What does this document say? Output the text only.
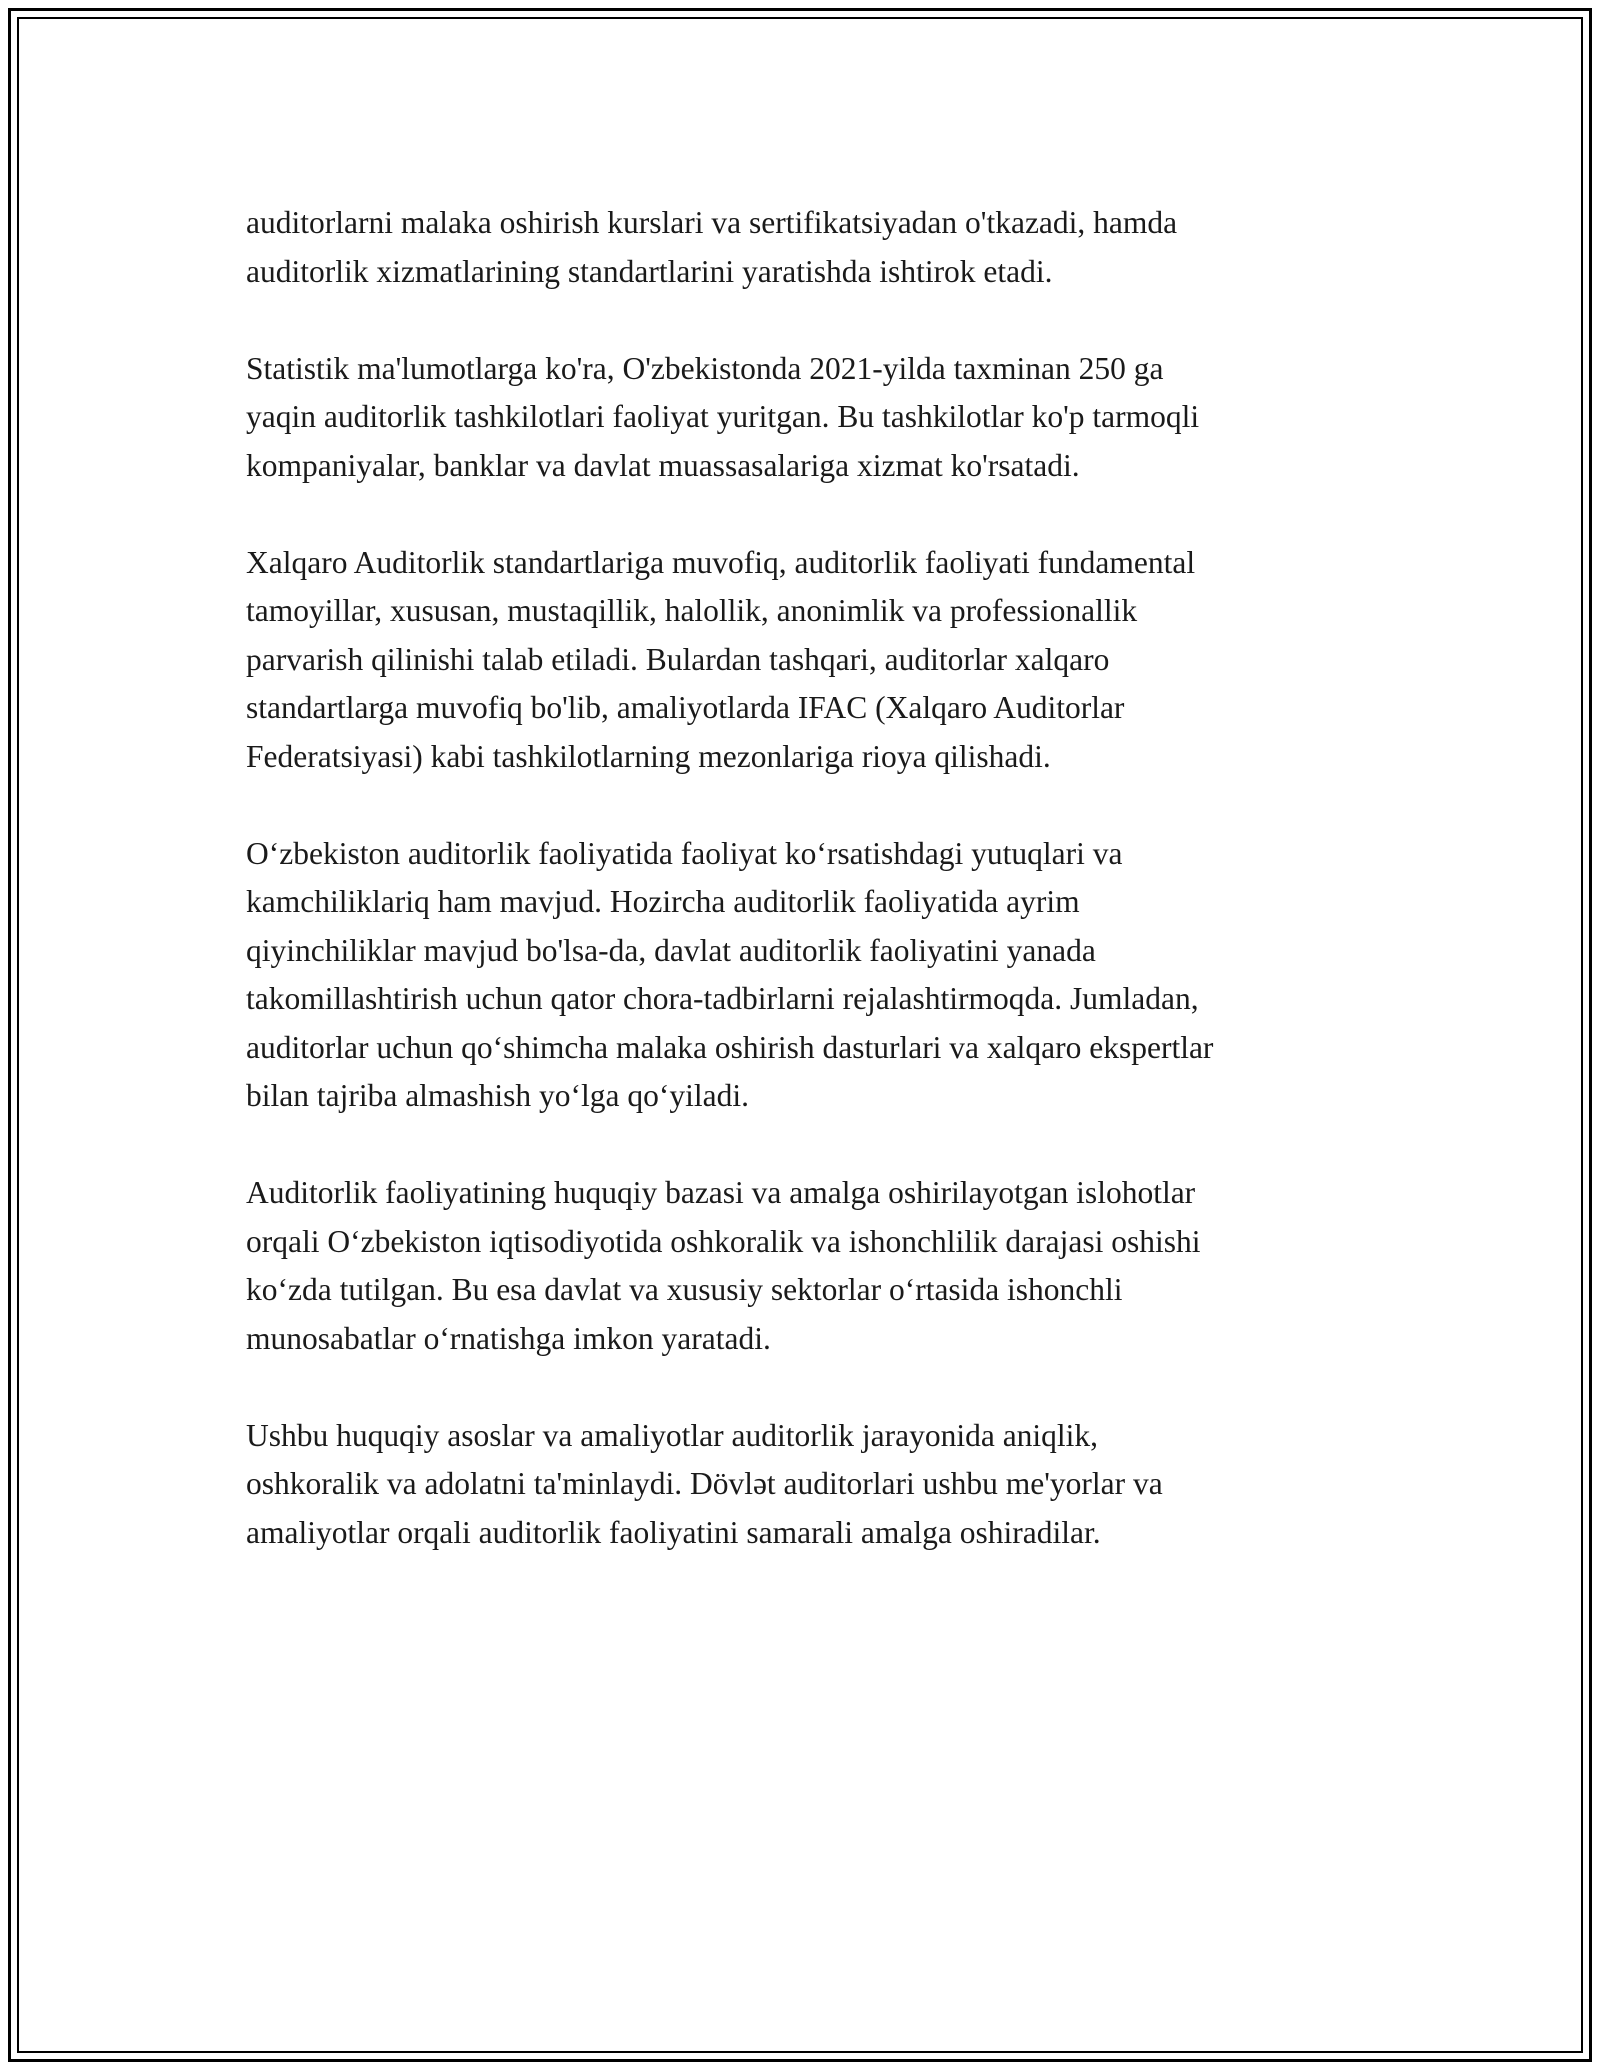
auditorlarni malaka oshirish kurslari va sertifikatsiyadan o'tkazadi, hamda
auditorlik xizmatlarining standartlarini yaratishda ishtirok etadi.

Statistik ma'lumotlarga ko'ra, O'zbekistonda 2021-yilda taxminan 250 ga
yaqin auditorlik tashkilotlari faoliyat yuritgan. Bu tashkilotlar ko'p tarmoqli
kompaniyalar, banklar va davlat muassasalariga xizmat ko'rsatadi.

Xalqaro Auditorlik standartlariga muvofiq, auditorlik faoliyati fundamental
tamoyillar, xususan, mustaqillik, halollik, anonimlik va professionallik
parvarish qilinishi talab etiladi. Bulardan tashqari, auditorlar xalqaro
standartlarga muvofiq bo'lib, amaliyotlarda IFAC (Xalqaro Auditorlar
Federatsiyasi) kabi tashkilotlarning mezonlariga rioya qilishadi.

O‘zbekiston auditorlik faoliyatida faoliyat ko‘rsatishdagi yutuqlari va
kamchiliklariq ham mavjud. Hozircha auditorlik faoliyatida ayrim
qiyinchiliklar mavjud bo'lsa-da, davlat auditorlik faoliyatini yanada
takomillashtirish uchun qator chora-tadbirlarni rejalashtirmoqda. Jumladan,
auditorlar uchun qo‘shimcha malaka oshirish dasturlari va xalqaro ekspertlar
bilan tajriba almashish yo‘lga qo‘yiladi.

Auditorlik faoliyatining huquqiy bazasi va amalga oshirilayotgan islohotlar
orqali O‘zbekiston iqtisodiyotida oshkoralik va ishonchlilik darajasi oshishi
ko‘zda tutilgan. Bu esa davlat va xususiy sektorlar o‘rtasida ishonchli
munosabatlar o‘rnatishga imkon yaratadi.

Ushbu huquqiy asoslar va amaliyotlar auditorlik jarayonida aniqlik,
oshkoralik va adolatni ta'minlaydi. Dövlət auditorlari ushbu me'yorlar va
amaliyotlar orqali auditorlik faoliyatini samarali amalga oshiradilar.
